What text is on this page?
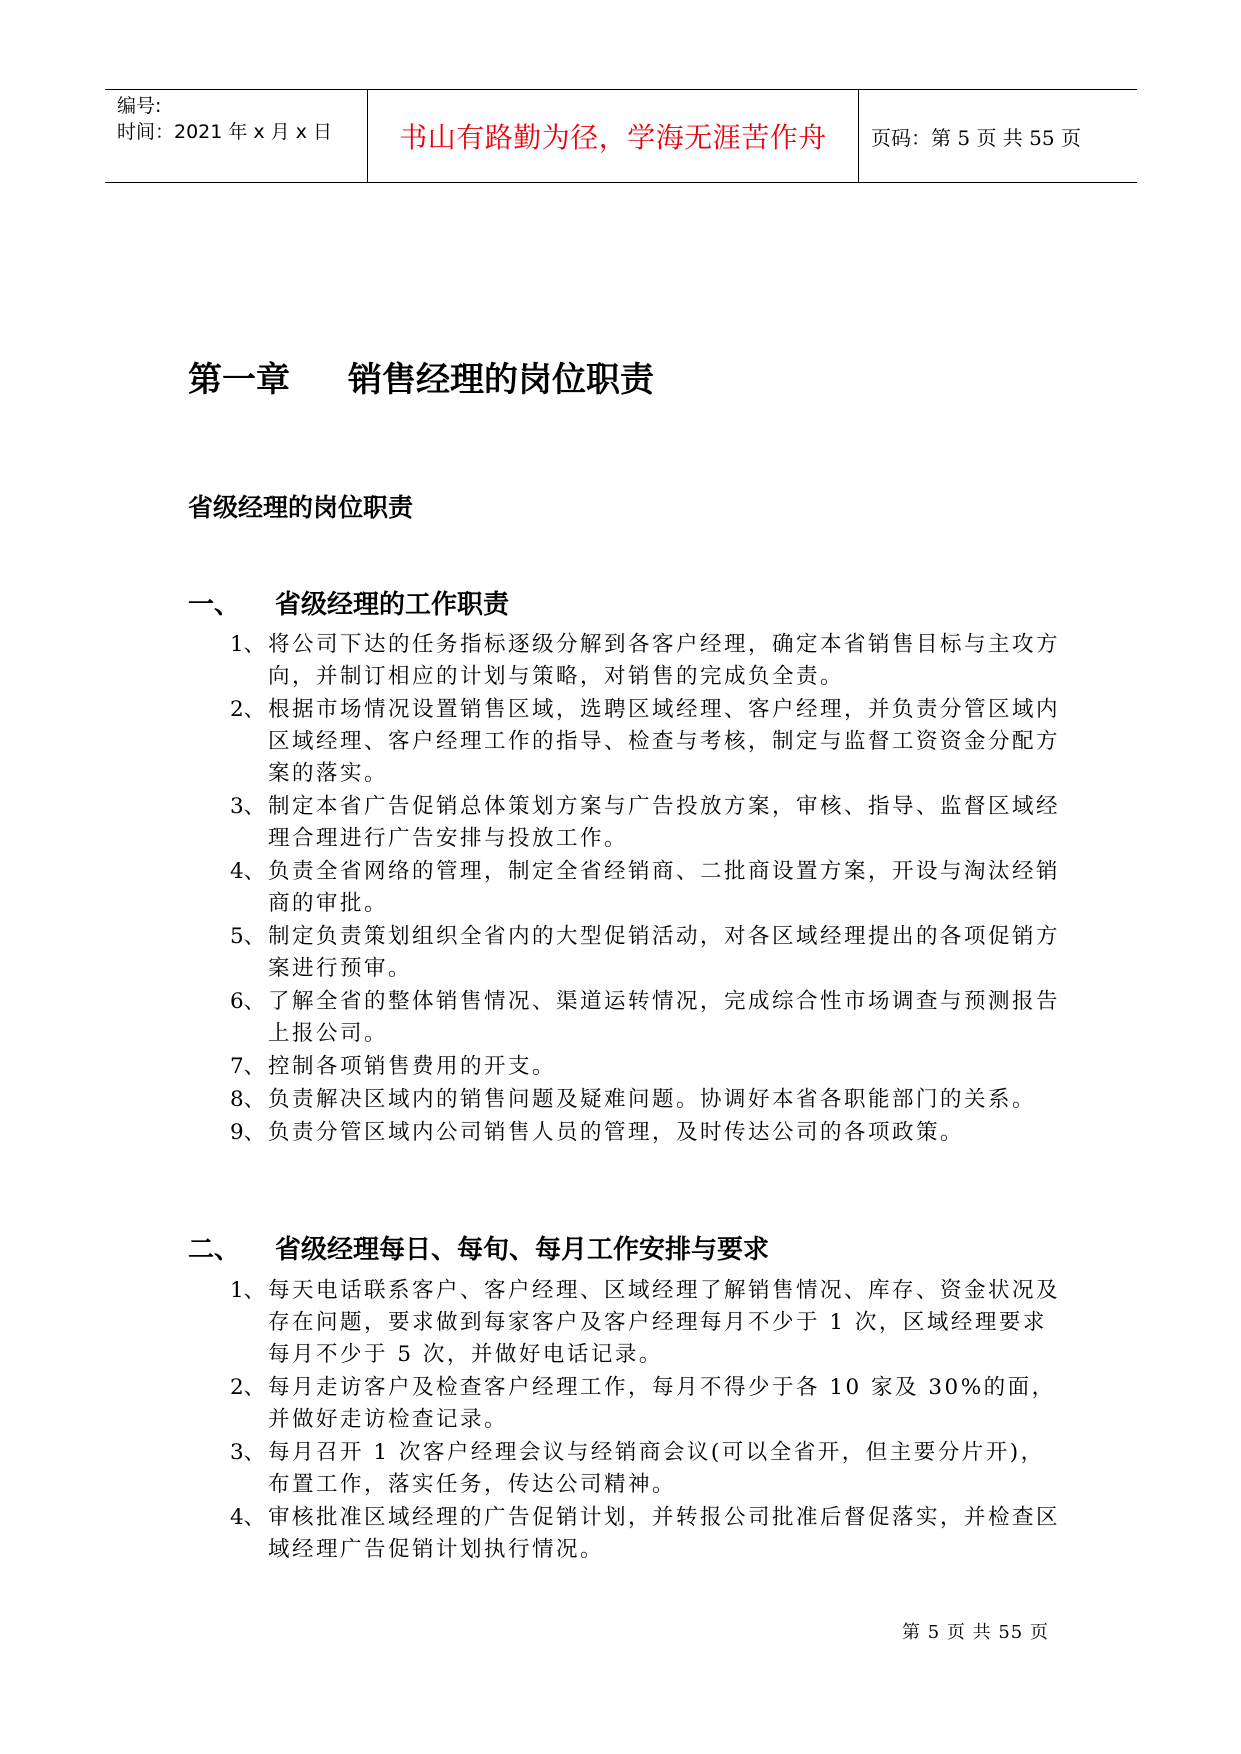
编号:
时间：2021 年 x 月 x 日	书山有路勤为径，学海无涯苦作舟	页码：第 5 页 共 55 页
第一章 销售经理的岗位职责
省级经理的岗位职责
一、 省级经理的工作职责
1、 将公司下达的任务指标逐级分解到各客户经理，确定本省销售目标与主攻方向，并制订相应的计划与策略，对销售的完成负全责。
2、 根据市场情况设置销售区域，选聘区域经理、客户经理，并负责分管区域内区域经理、客户经理工作的指导、检查与考核，制定与监督工资资金分配方案的落实。
3、 制定本省广告促销总体策划方案与广告投放方案，审核、指导、监督区域经理合理进行广告安排与投放工作。
4、 负责全省网络的管理，制定全省经销商、二批商设置方案，开设与淘汰经销商的审批。
5、 制定负责策划组织全省内的大型促销活动，对各区域经理提出的各项促销方案进行预审。
6、 了解全省的整体销售情况、渠道运转情况，完成综合性市场调查与预测报告上报公司。
7、 控制各项销售费用的开支。
8、 负责解决区域内的销售问题及疑难问题。协调好本省各职能部门的关系。
9、 负责分管区域内公司销售人员的管理，及时传达公司的各项政策。
二、 省级经理每日、每旬、每月工作安排与要求
1、 每天电话联系客户、客户经理、区域经理了解销售情况、库存、资金状况及存在问题，要求做到每家客户及客户经理每月不少于 1 次，区域经理要求每月不少于 5 次，并做好电话记录。
2、 每月走访客户及检查客户经理工作，每月不得少于各 10 家及 30%的面，并做好走访检查记录。
3、 每月召开 1 次客户经理会议与经销商会议(可以全省开，但主要分片开)，布置工作，落实任务，传达公司精神。
4、 审核批准区域经理的广告促销计划，并转报公司批准后督促落实，并检查区域经理广告促销计划执行情况。
第 5 页 共 55 页
